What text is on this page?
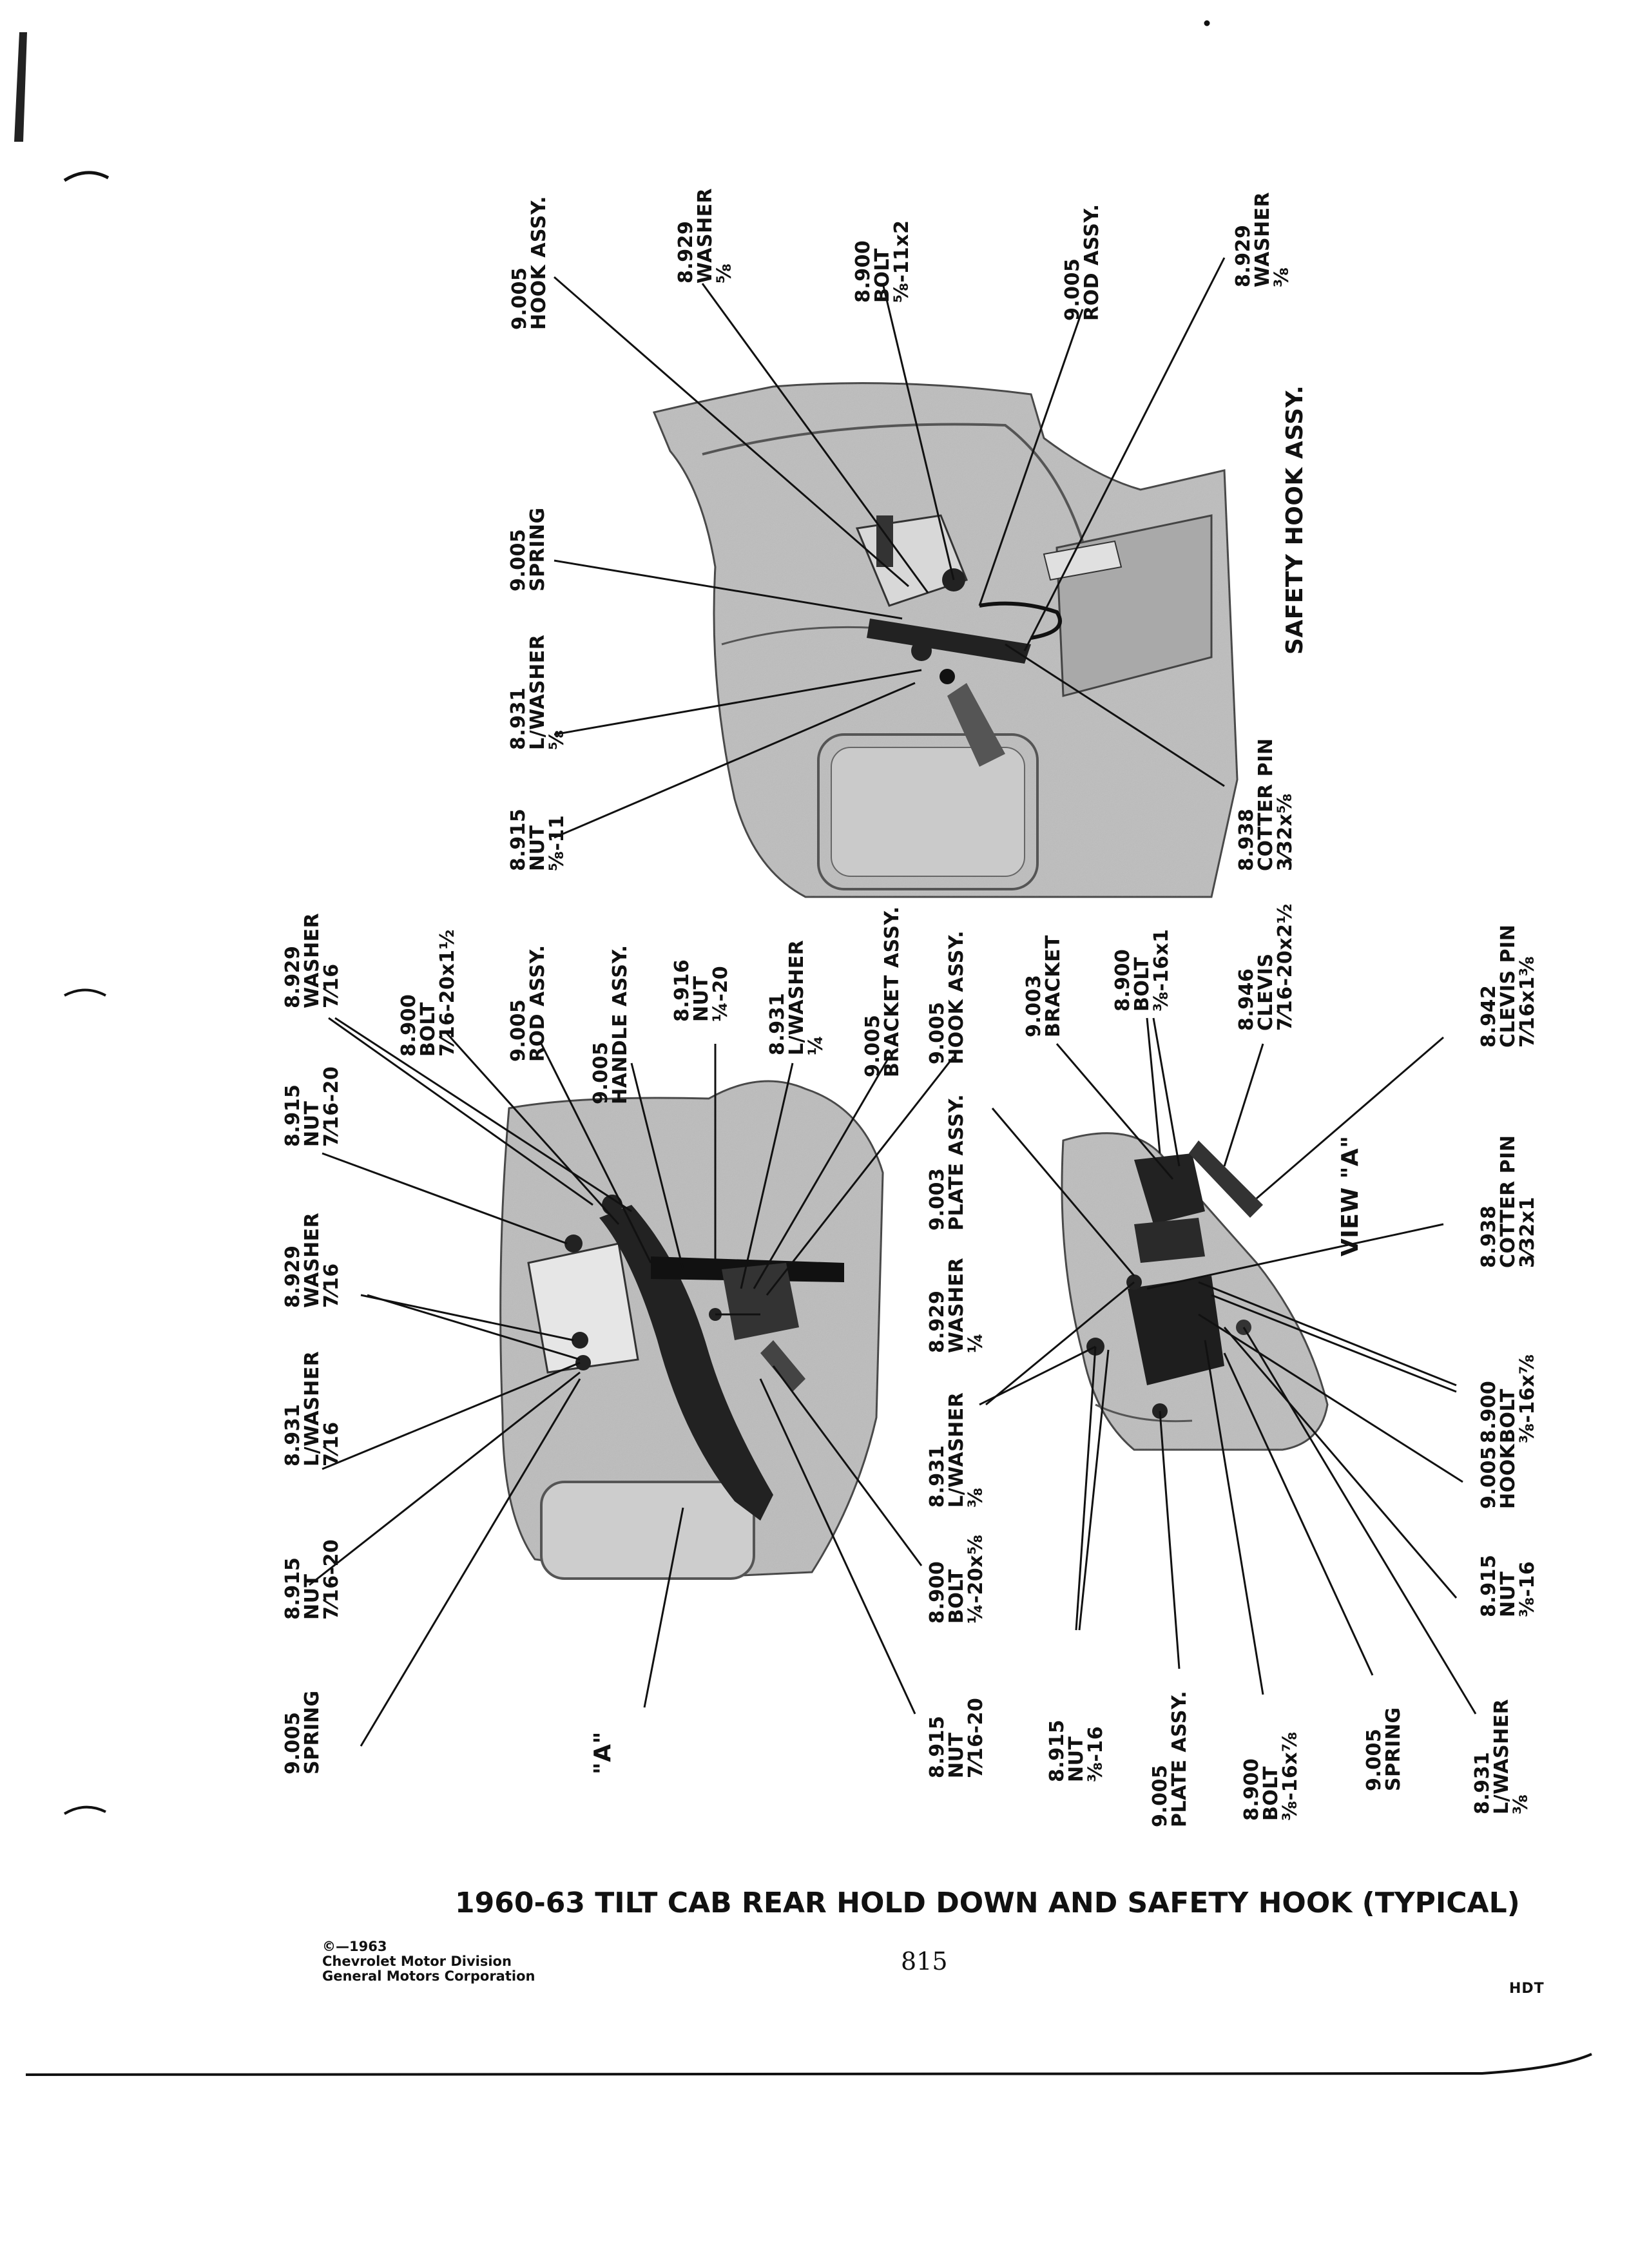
9.005
HOOK ASSY.	8.929
WASHER
⅝	8.900
BOLT
⅝-11x2	9.005
ROD ASSY.	8.929
WASHER
⅜
9.005
SPRING
8.931
L/WASHER
⅝
8.915
NUT
⅝-11	8.938
COTTER PIN
3⁄32x⅝
SAFETY HOOK ASSY.
8.929
WASHER
7⁄16
8.900
BOLT
7⁄16-20x1½	9.005
ROD ASSY.
9.005
HANDLE ASSY. 8.916
NUT
¼-20 8.931
L/WASHER
¼ 9.005
BRACKET ASSY.
9.005
HOOK ASSY.
8.915
NUT
7⁄16-20
8.929
WASHER
7⁄16
8.931
L/WASHER
7⁄16
8.915
NUT
7⁄16-20
9.005
SPRING	"A"
8.929
WASHER
¼
8.900
BOLT
¼-20x⅝
8.915
NUT
7⁄16-20
9.003
PLATE ASSY.
9.003
BRACKET 8.900
BOLT
⅜-16x1	8.946
CLEVIS
7⁄16-20x2½	8.942
CLEVIS PIN
7⁄16x1⅜
VIEW "A"	8.938
COTTER PIN
3⁄32x1
8.931
L/WASHER
⅜
8.900
BOLT
⅜-16x⅞
9.005
HOOK
8.915
NUT
⅜-16
8.915
NUT
⅜-16
9.005
PLATE ASSY.
8.900
BOLT
⅜-16x⅞	9.005
SPRING	8.931
L/WASHER
⅜
1960-63 TILT CAB REAR HOLD DOWN AND SAFETY HOOK (TYPICAL)
©—1963
Chevrolet Motor Division
General Motors Corporation
815
HDT
